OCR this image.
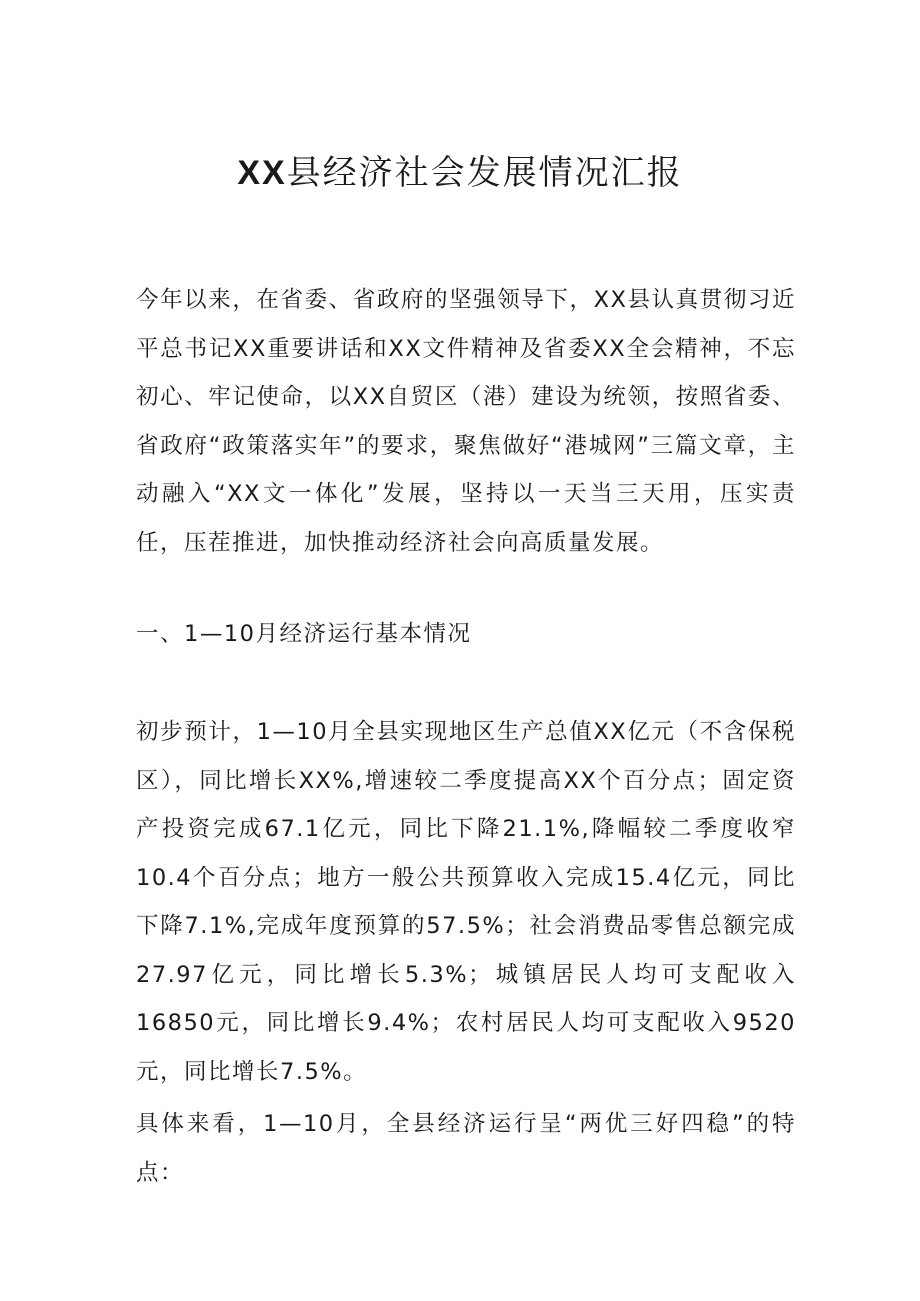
XX县经济社会发展情况汇报

今年以来，在省委、省政府的坚强领导下，XX县认真贯彻习近平总书记XX重要讲话和XX文件精神及省委XX全会精神，不忘初心、牢记使命，以XX自贸区（港）建设为统领，按照省委、省政府“政策落实年”的要求，聚焦做好“港城网”三篇文章，主动融入“XX文一体化”发展，坚持以一天当三天用，压实责任，压茬推进，加快推动经济社会向高质量发展。

一、1—10月经济运行基本情况

初步预计，1—10月全县实现地区生产总值XX亿元（不含保税区），同比增长XX%,增速较二季度提高XX个百分点；固定资产投资完成67.1亿元，同比下降21.1%,降幅较二季度收窄10.4个百分点；地方一般公共预算收入完成15.4亿元，同比下降7.1%,完成年度预算的57.5%；社会消费品零售总额完成27.97亿元，同比增长5.3%；城镇居民人均可支配收入16850元，同比增长9.4%；农村居民人均可支配收入9520元，同比增长7.5%。

具体来看，1—10月，全县经济运行呈“两优三好四稳”的特点：
